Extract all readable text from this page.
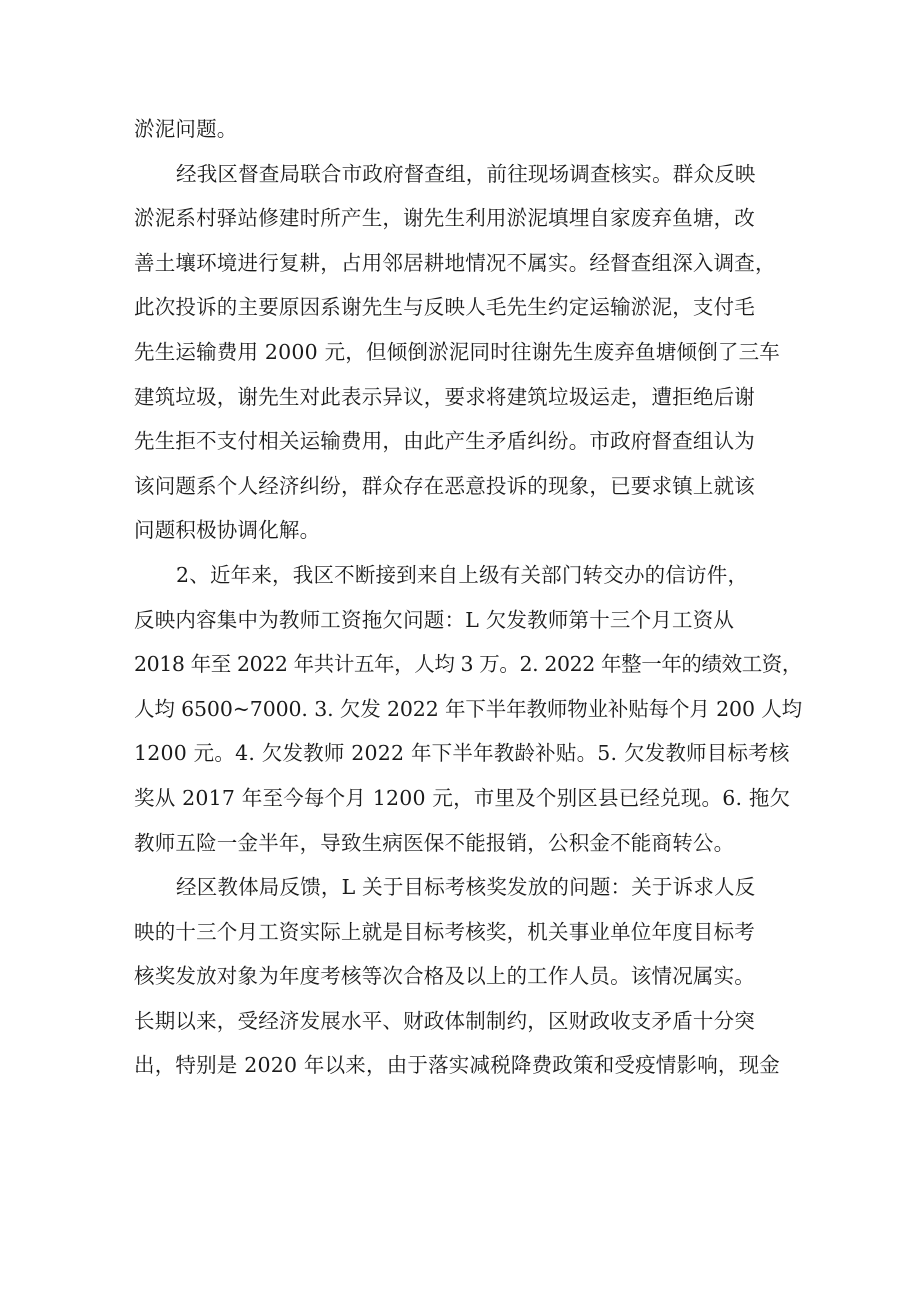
淤泥问题。
经我区督查局联合市政府督查组，前往现场调查核实。群众反映
淤泥系村驿站修建时所产生，谢先生利用淤泥填埋自家废弃鱼塘，改
善土壤环境进行复耕，占用邻居耕地情况不属实。经督查组深入调查，
此次投诉的主要原因系谢先生与反映人毛先生约定运输淤泥，支付毛
先生运输费用 2000 元，但倾倒淤泥同时往谢先生废弃鱼塘倾倒了三车
建筑垃圾，谢先生对此表示异议，要求将建筑垃圾运走，遭拒绝后谢
先生拒不支付相关运输费用，由此产生矛盾纠纷。市政府督查组认为
该问题系个人经济纠纷，群众存在恶意投诉的现象，已要求镇上就该
问题积极协调化解。
2、近年来，我区不断接到来自上级有关部门转交办的信访件，
反映内容集中为教师工资拖欠问题：L 欠发教师第十三个月工资从
2018 年至 2022 年共计五年，人均 3 万。2. 2022 年整一年的绩效工资，
人均 6500~7000. 3. 欠发 2022 年下半年教师物业补贴每个月 200 人均
1200 元。4. 欠发教师 2022 年下半年教龄补贴。5. 欠发教师目标考核
奖从 2017 年至今每个月 1200 元，市里及个别区县已经兑现。6. 拖欠
教师五险一金半年，导致生病医保不能报销，公积金不能商转公。
经区教体局反馈，L 关于目标考核奖发放的问题：关于诉求人反
映的十三个月工资实际上就是目标考核奖，机关事业单位年度目标考
核奖发放对象为年度考核等次合格及以上的工作人员。该情况属实。
长期以来，受经济发展水平、财政体制制约，区财政收支矛盾十分突
出，特别是 2020 年以来，由于落实减税降费政策和受疫情影响，现金
